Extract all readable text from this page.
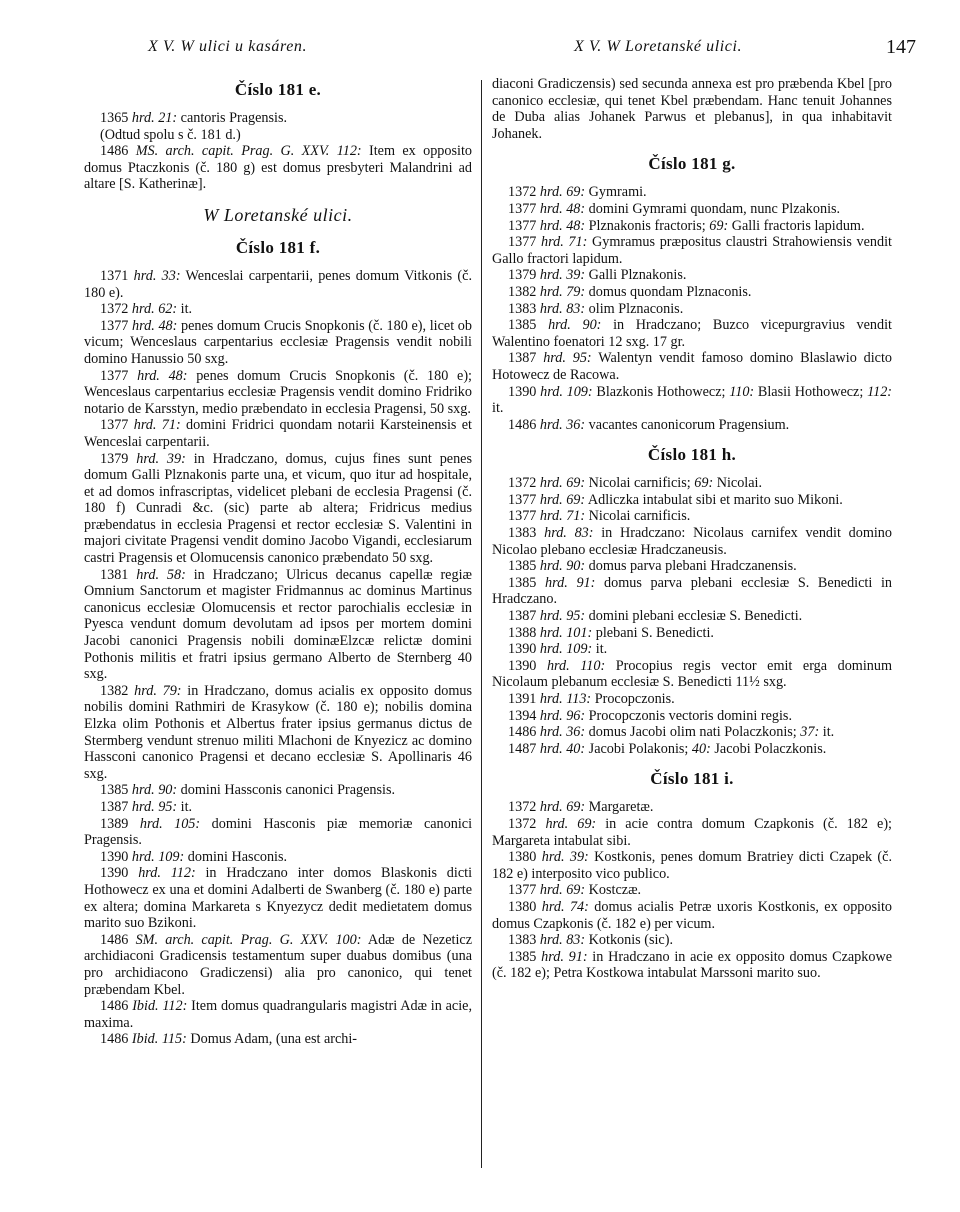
X V. W ulici u kasáren.	X V. W Loretanské ulici.	147
Číslo 181 e.

1365 hrd. 21: cantoris Pragensis.

(Odtud spolu s č. 181 d.)

1486 MS. arch. capit. Prag. G. XXV. 112: Item ex opposito domus Ptaczkonis (č. 180 g) est domus presbyteri Malandrini ad altare [S. Katherinæ].

W Loretanské ulici.
Číslo 181 f.

1371 hrd. 33: Wenceslai carpentarii, penes domum Vitkonis (č. 180 e).

1372 hrd. 62: it.

1377 hrd. 48: penes domum Crucis Snopkonis (č. 180 e), licet ob vicum; Wenceslaus carpentarius ecclesiæ Pragensis vendit nobili domino Hanussio 50 sxg.

1377 hrd. 48: penes domum Crucis Snopkonis (č. 180 e); Wenceslaus carpentarius ecclesiæ Pragensis vendit domino Fridriko notario de Karsstyn, medio præbendato in ecclesia Pragensi, 50 sxg.

1377 hrd. 71: domini Fridrici quondam notarii Karsteinensis et Wenceslai carpentarii.

1379 hrd. 39: in Hradczano, domus, cujus fines sunt penes domum Galli Plznakonis parte una, et vicum, quo itur ad hospitale, et ad domos infrascriptas, videlicet plebani de ecclesia Pragensi (č. 180 f) Cunradi &c. (sic) parte ab altera; Fridricus medius præbendatus in ecclesia Pragensi et rector ecclesiæ S. Valentini in majori civitate Pragensi vendit domino Jacobo Vigandi, ecclesiarum castri Pragensis et Olomucensis canonico præbendato 50 sxg.

1381 hrd. 58: in Hradczano; Ulricus decanus capellæ regiæ Omnium Sanctorum et magister Fridmannus ac dominus Martinus canonicus ecclesiæ Olomucensis et rector parochialis ecclesiæ in Pyesca vendunt domum devolutam ad ipsos per mortem domini Jacobi canonici Pragensis nobili dominæElzcæ relictæ domini Pothonis militis et fratri ipsius germano Alberto de Sternberg 40 sxg.

1382 hrd. 79: in Hradczano, domus acialis ex opposito domus nobilis domini Rathmiri de Krasykow (č. 180 e); nobilis domina Elzka olim Pothonis et Albertus frater ipsius germanus dictus de Stermberg vendunt strenuo militi Mlachoni de Knyezicz ac domino Hassconi canonico Pragensi et decano ecclesiæ S. Apollinaris 46 sxg.

1385 hrd. 90: domini Hassconis canonici Pragensis.

1387 hrd. 95: it.

1389 hrd. 105: domini Hasconis piæ memoriæ canonici Pragensis.

1390 hrd. 109: domini Hasconis.

1390 hrd. 112: in Hradczano inter domos Blaskonis dicti Hothowecz ex una et domini Adalberti de Swanberg (č. 180 e) parte ex altera; domina Markareta s Knyezycz dedit medietatem domus marito suo Bzikoni.

1486 SM. arch. capit. Prag. G. XXV. 100: Adæ de Nezeticz archidiaconi Gradicensis testamentum super duabus domibus (una pro archidiacono Gradiczensi) alia pro canonico, qui tenet præbendam Kbel.

1486 Ibid. 112: Item domus quadrangularis magistri Adæ in acie, maxima.

1486 Ibid. 115: Domus Adam, (una est archi-

diaconi Gradiczensis) sed secunda annexa est pro præbenda Kbel [pro canonico ecclesiæ, qui tenet Kbel præbendam. Hanc tenuit Johannes de Duba alias Johanek Parwus et plebanus], in qua inhabitavit Johanek.

Číslo 181 g.

1372 hrd. 69: Gymrami.

1377 hrd. 48: domini Gymrami quondam, nunc Plzakonis.

1377 hrd. 48: Plznakonis fractoris; 69: Galli fractoris lapidum.

1377 hrd. 71: Gymramus præpositus claustri Strahowiensis vendit Gallo fractori lapidum.

1379 hrd. 39: Galli Plznakonis.

1382 hrd. 79: domus quondam Plznaconis.

1383 hrd. 83: olim Plznaconis.

1385 hrd. 90: in Hradczano; Buzco vicepurgravius vendit Walentino foenatori 12 sxg. 17 gr.

1387 hrd. 95: Walentyn vendit famoso domino Blaslawio dicto Hotowecz de Racowa.

1390 hrd. 109: Blazkonis Hothowecz; 110: Blasii Hothowecz; 112: it.

1486 hrd. 36: vacantes canonicorum Pragensium.

Číslo 181 h.

1372 hrd. 69: Nicolai carnificis; 69: Nicolai.

1377 hrd. 69: Adliczka intabulat sibi et marito suo Mikoni.

1377 hrd. 71: Nicolai carnificis.

1383 hrd. 83: in Hradczano: Nicolaus carnifex vendit domino Nicolao plebano ecclesiæ Hradczaneusis.

1385 hrd. 90: domus parva plebani Hradczanensis.

1385 hrd. 91: domus parva plebani ecclesiæ S. Benedicti in Hradczano.

1387 hrd. 95: domini plebani ecclesiæ S. Benedicti.

1388 hrd. 101: plebani S. Benedicti.

1390 hrd. 109: it.

1390 hrd. 110: Procopius regis vector emit erga dominum Nicolaum plebanum ecclesiæ S. Benedicti 11½ sxg.

1391 hrd. 113: Procopczonis.

1394 hrd. 96: Procopczonis vectoris domini regis.

1486 hrd. 36: domus Jacobi olim nati Polaczkonis; 37: it.

1487 hrd. 40: Jacobi Polakonis; 40: Jacobi Polaczkonis.

Číslo 181 i.

1372 hrd. 69: Margaretæ.

1372 hrd. 69: in acie contra domum Czapkonis (č. 182 e); Margareta intabulat sibi.

1380 hrd. 39: Kostkonis, penes domum Bratriey dicti Czapek (č. 182 e) interposito vico publico.

1377 hrd. 69: Kostczæ.

1380 hrd. 74: domus acialis Petræ uxoris Kostkonis, ex opposito domus Czapkonis (č. 182 e) per vicum.

1383 hrd. 83: Kotkonis (sic).

1385 hrd. 91: in Hradczano in acie ex opposito domus Czapkowe (č. 182 e); Petra Kostkowa intabulat Marssoni marito suo.
